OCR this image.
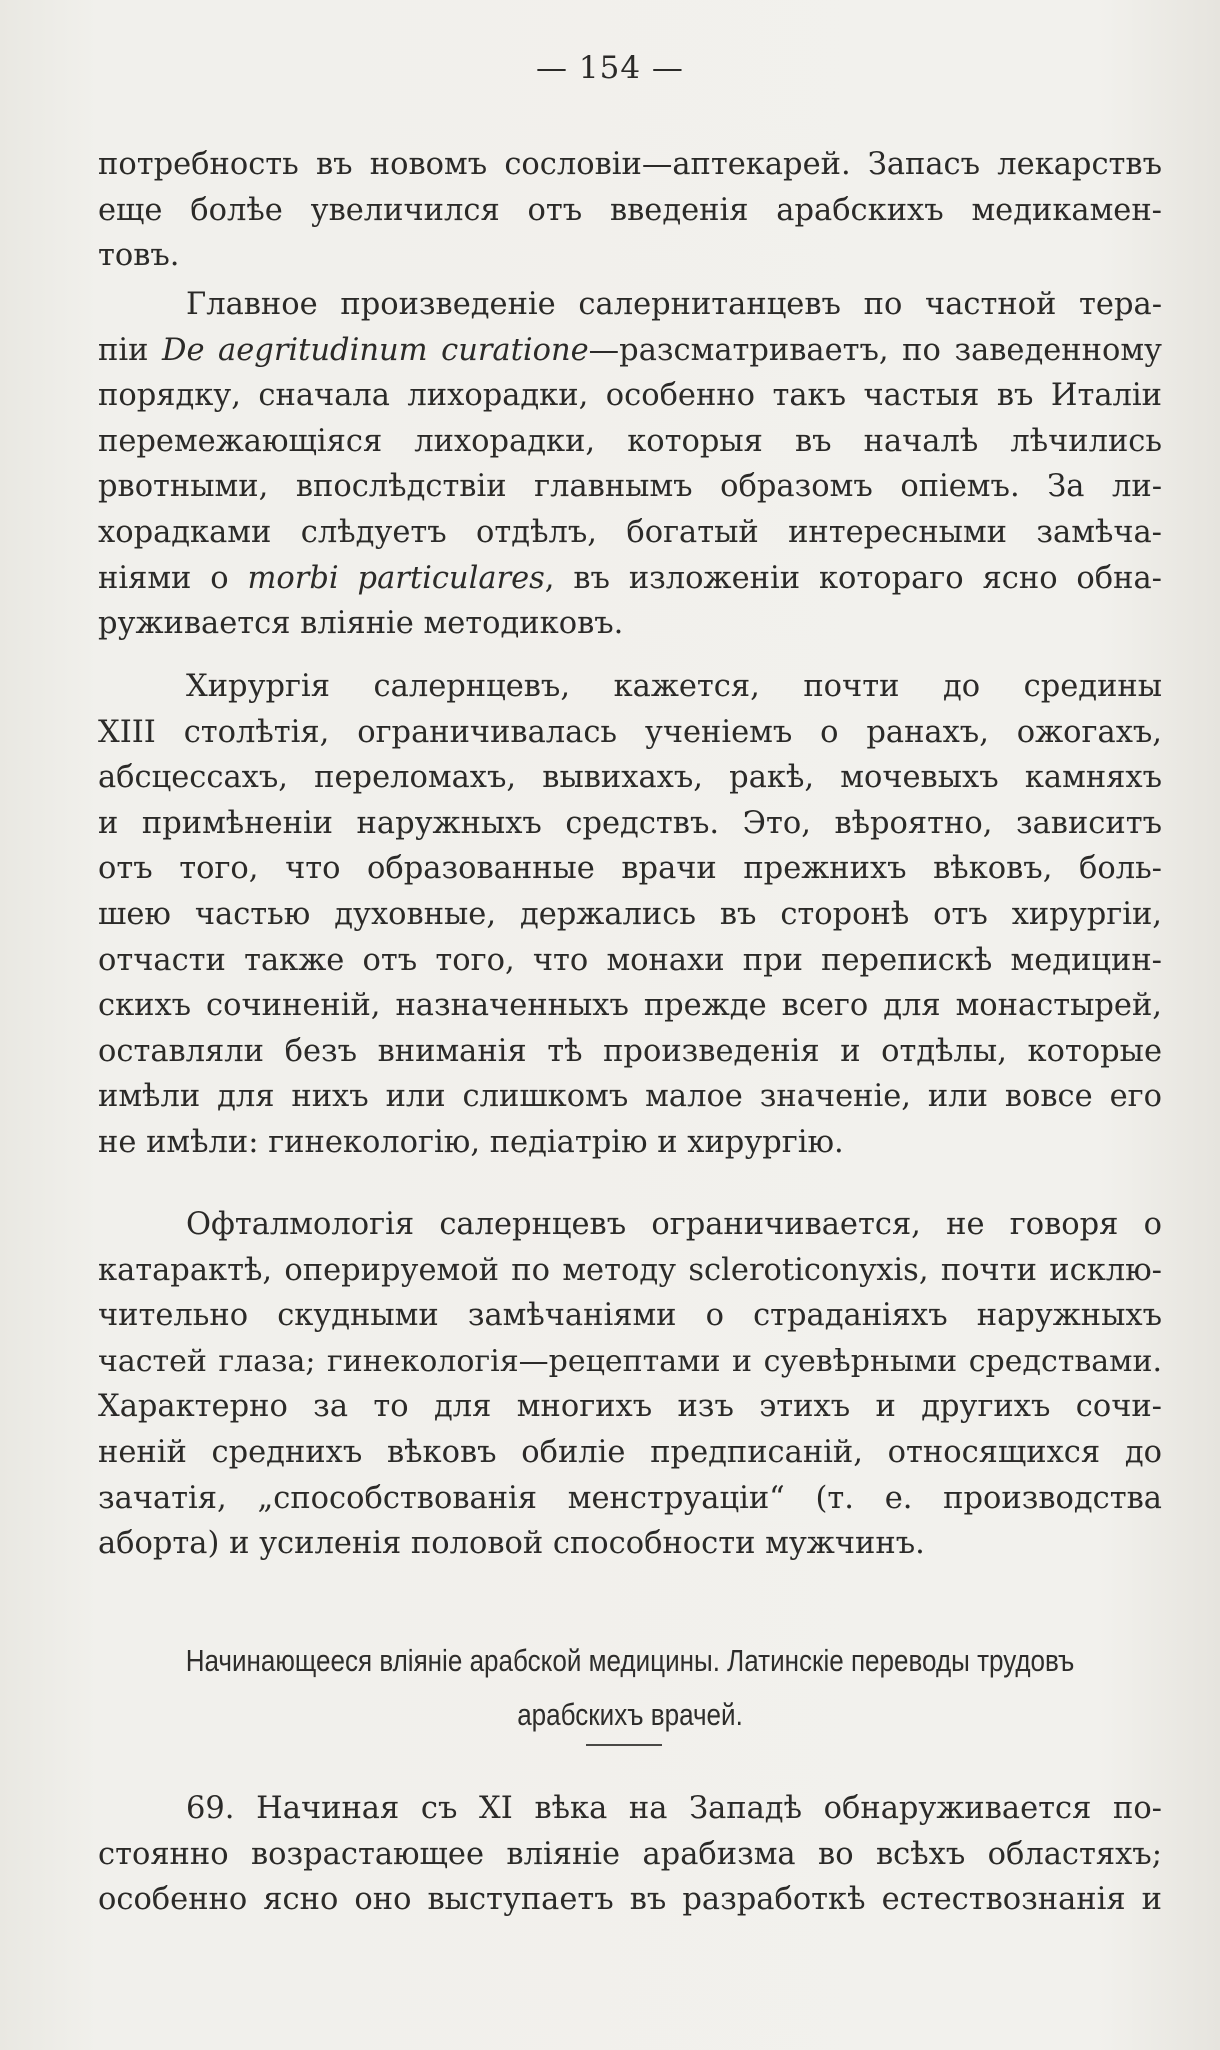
— 154 —
потребность въ новомъ сословіи—аптекарей. Запасъ лекарствъ
еще болѣе увеличился отъ введенія арабскихъ медикамен-
товъ.
Главное произведеніе салернитанцевъ по частной тера-
піи De aegritudinum curatione—разсматриваетъ, по заведенному
порядку, сначала лихорадки, особенно такъ частыя въ Италіи
перемежающіяся лихорадки, которыя въ началѣ лѣчились
рвотными, впослѣдствіи главнымъ образомъ опіемъ. За ли-
хорадками слѣдуетъ отдѣлъ, богатый интересными замѣча-
ніями о morbi particulares, въ изложеніи котораго ясно обна-
руживается вліяніе методиковъ.
Хирургія салернцевъ, кажется, почти до средины
XIII столѣтія, ограничивалась ученіемъ о ранахъ, ожогахъ,
абсцессахъ, переломахъ, вывихахъ, ракѣ, мочевыхъ камняхъ
и примѣненіи наружныхъ средствъ. Это, вѣроятно, зависитъ
отъ того, что образованные врачи прежнихъ вѣковъ, боль-
шею частью духовные, держались въ сторонѣ отъ хирургіи,
отчасти также отъ того, что монахи при перепискѣ медицин-
скихъ сочиненій, назначенныхъ прежде всего для монастырей,
оставляли безъ вниманія тѣ произведенія и отдѣлы, которые
имѣли для нихъ или слишкомъ малое значеніе, или вовсе его
не имѣли: гинекологію, педіатрію и хирургію.
Офталмологія салернцевъ ограничивается, не говоря о
катарактѣ, оперируемой по методу scleroticonyxis, почти исклю-
чительно скудными замѣчаніями о страданіяхъ наружныхъ
частей глаза; гинекологія—рецептами и суевѣрными средствами.
Характерно за то для многихъ изъ этихъ и другихъ сочи-
неній среднихъ вѣковъ обиліе предписаній, относящихся до
зачатія, „способствованія менструаціи“ (т. е. производства
аборта) и усиленія половой способности мужчинъ.
Начинающееся вліяніе арабской медицины. Латинскіе переводы трудовъ
арабскихъ врачей.
69. Начиная съ XI вѣка на Западѣ обнаруживается по-
стоянно возрастающее вліяніе арабизма во всѣхъ областяхъ;
особенно ясно оно выступаетъ въ разработкѣ естествознанія и
